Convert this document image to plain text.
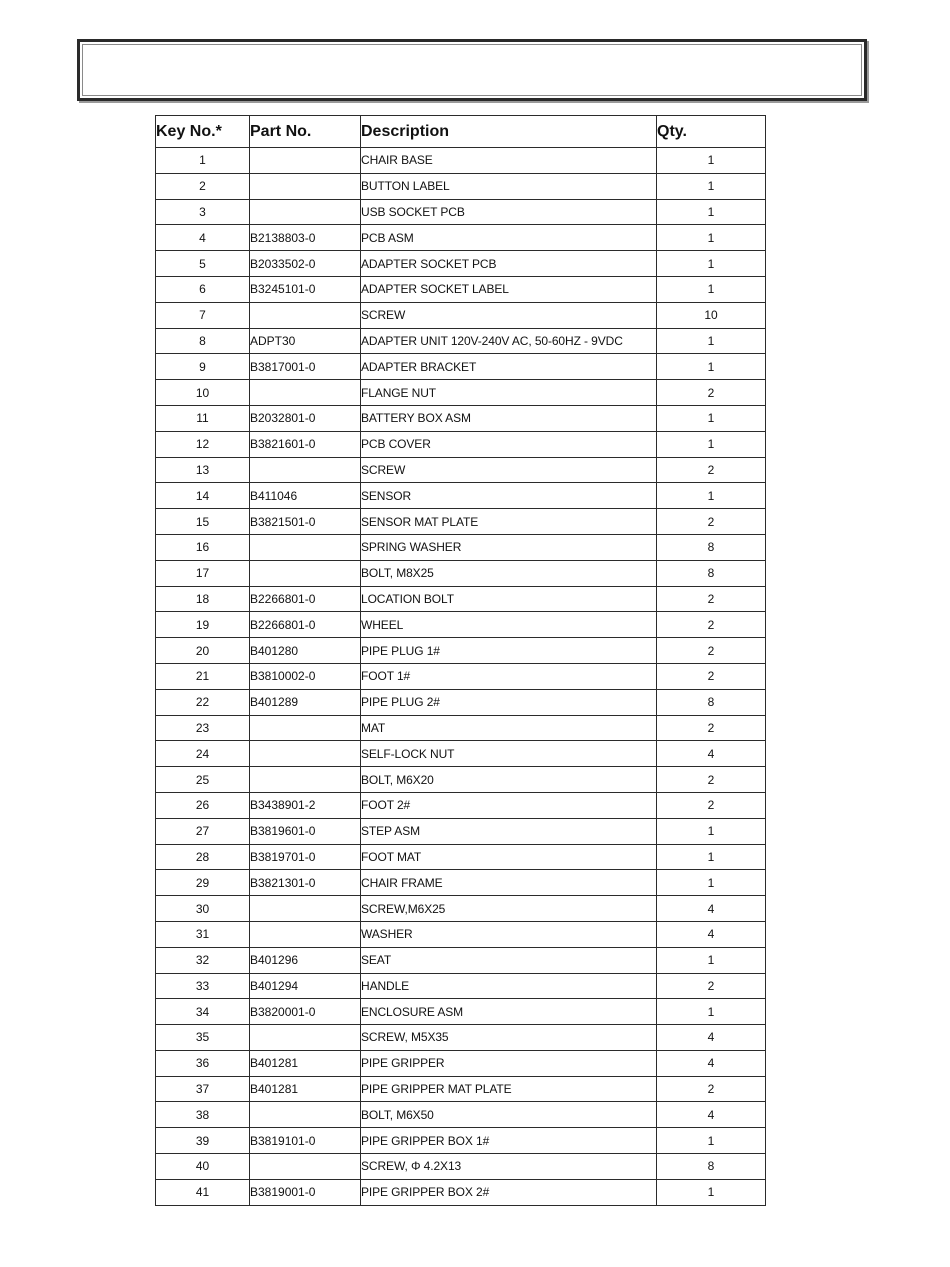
Key No.*	Part No.	Description	Qty.
1		CHAIR BASE	1
2		BUTTON LABEL	1
3		USB SOCKET PCB	1
4	B2138803-0	PCB ASM	1
5	B2033502-0	ADAPTER SOCKET PCB	1
6	B3245101-0	ADAPTER SOCKET LABEL	1
7		SCREW	10
8	ADPT30	ADAPTER UNIT 120V-240V AC, 50-60HZ - 9VDC	1
9	B3817001-0	ADAPTER BRACKET	1
10		FLANGE NUT	2
11	B2032801-0	BATTERY BOX ASM	1
12	B3821601-0	PCB COVER	1
13		SCREW	2
14	B411046	SENSOR	1
15	B3821501-0	SENSOR MAT PLATE	2
16		SPRING WASHER	8
17		BOLT, M8X25	8
18	B2266801-0	LOCATION BOLT	2
19	B2266801-0	WHEEL	2
20	B401280	PIPE PLUG 1#	2
21	B3810002-0	FOOT 1#	2
22	B401289	PIPE PLUG 2#	8
23		MAT	2
24		SELF-LOCK NUT	4
25		BOLT, M6X20	2
26	B3438901-2	FOOT 2#	2
27	B3819601-0	STEP ASM	1
28	B3819701-0	FOOT MAT	1
29	B3821301-0	CHAIR FRAME	1
30		SCREW,M6X25	4
31		WASHER	4
32	B401296	SEAT	1
33	B401294	HANDLE	2
34	B3820001-0	ENCLOSURE ASM	1
35		SCREW, M5X35	4
36	B401281	PIPE GRIPPER	4
37	B401281	PIPE GRIPPER MAT PLATE	2
38		BOLT, M6X50	4
39	B3819101-0	PIPE GRIPPER BOX 1#	1
40		SCREW, Φ 4.2X13	8
41	B3819001-0	PIPE GRIPPER BOX 2#	1
